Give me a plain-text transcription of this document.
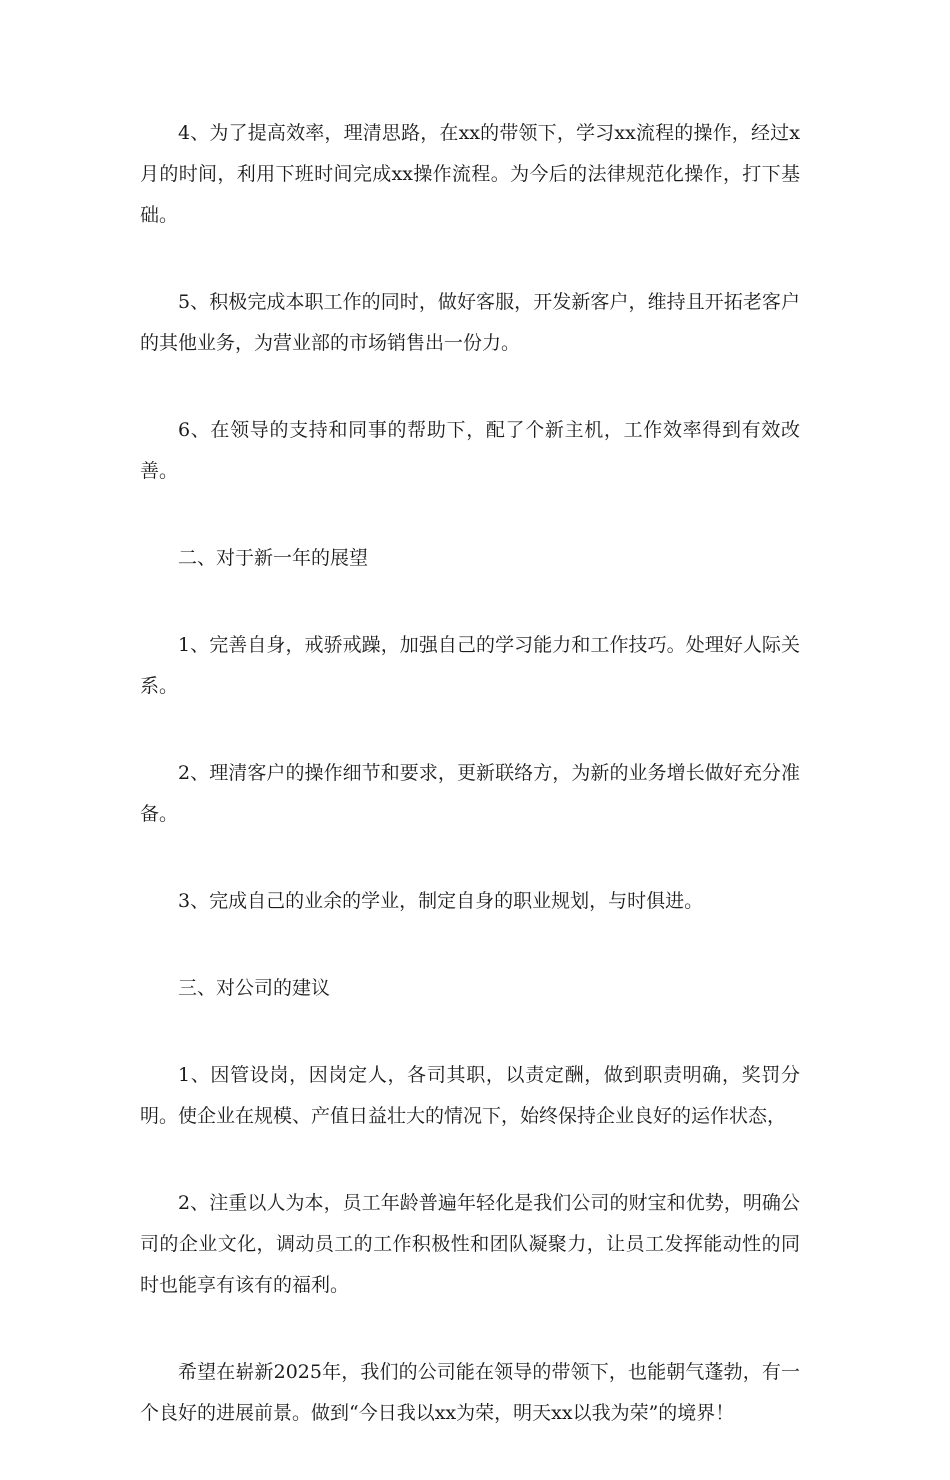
4、为了提高效率，理清思路，在xx的带领下，学习xx流程的操作，经过x月的时间，利用下班时间完成xx操作流程。为今后的法律规范化操作，打下基础。

5、积极完成本职工作的同时，做好客服，开发新客户，维持且开拓老客户的其他业务，为营业部的市场销售出一份力。

6、在领导的支持和同事的帮助下，配了个新主机，工作效率得到有效改善。

二、对于新一年的展望

1、完善自身，戒骄戒躁，加强自己的学习能力和工作技巧。处理好人际关系。

2、理清客户的操作细节和要求，更新联络方，为新的业务增长做好充分准备。

3、完成自己的业余的学业，制定自身的职业规划，与时俱进。

三、对公司的建议

1、因管设岗，因岗定人，各司其职，以责定酬，做到职责明确，奖罚分明。使企业在规模、产值日益壮大的情况下，始终保持企业良好的运作状态，

2、注重以人为本，员工年龄普遍年轻化是我们公司的财宝和优势，明确公司的企业文化，调动员工的工作积极性和团队凝聚力，让员工发挥能动性的同时也能享有该有的福利。

希望在崭新2025年，我们的公司能在领导的带领下，也能朝气蓬勃，有一个良好的进展前景。做到“今日我以xx为荣，明天xx以我为荣”的境界！
